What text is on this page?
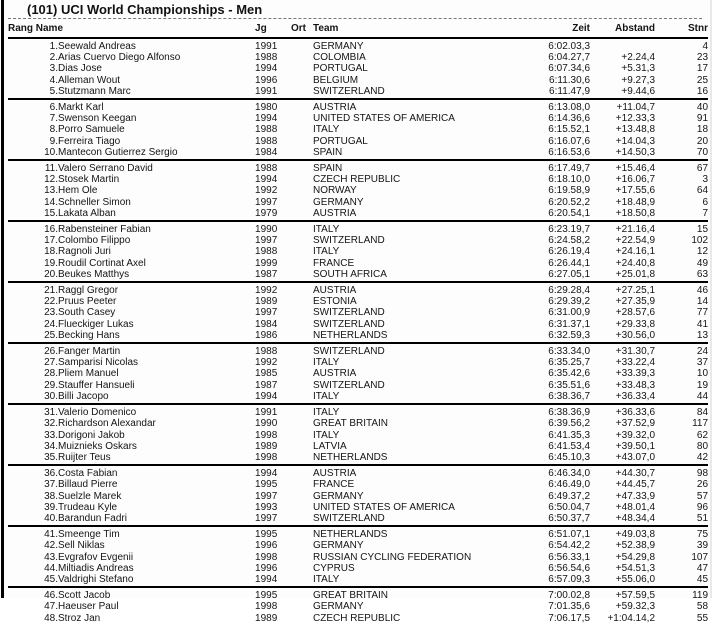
(101) UCI World Championships - Men
Rang Name		Jg	Ort	Team	Zeit	Abstand	Stnr
1.	Seewald Andreas	1991		GERMANY	6:02.03,3		4
2.	Arias Cuervo Diego Alfonso	1988		COLOMBIA	6:04.27,7	+2.24,4	23
3.	Dias Jose	1994		PORTUGAL	6:07.34,6	+5.31,3	17
4.	Alleman Wout	1996		BELGIUM	6:11.30,6	+9.27,3	25
5.	Stutzmann Marc	1991		SWITZERLAND	6:11.47,9	+9.44,6	16
6.	Markt Karl	1980		AUSTRIA	6:13.08,0	+11.04,7	40
7.	Swenson Keegan	1994		UNITED STATES OF AMERICA	6:14.36,6	+12.33,3	91
8.	Porro Samuele	1988		ITALY	6:15.52,1	+13.48,8	18
9.	Ferreira Tiago	1988		PORTUGAL	6:16.07,6	+14.04,3	20
10.	Mantecon Gutierrez Sergio	1984		SPAIN	6:16.53,6	+14.50,3	70
11.	Valero Serrano David	1988		SPAIN	6:17.49,7	+15.46,4	67
12.	Stosek Martin	1994		CZECH REPUBLIC	6:18.10,0	+16.06,7	3
13.	Hem Ole	1992		NORWAY	6:19.58,9	+17.55,6	64
14.	Schneller Simon	1997		GERMANY	6:20.52,2	+18.48,9	6
15.	Lakata Alban	1979		AUSTRIA	6:20.54,1	+18.50,8	7
16.	Rabensteiner Fabian	1990		ITALY	6:23.19,7	+21.16,4	15
17.	Colombo Filippo	1997		SWITZERLAND	6:24.58,2	+22.54,9	102
18.	Ragnoli Juri	1988		ITALY	6:26.19,4	+24.16,1	12
19.	Roudil Cortinat Axel	1999		FRANCE	6:26.44,1	+24.40,8	49
20.	Beukes Matthys	1987		SOUTH AFRICA	6:27.05,1	+25.01,8	63
21.	Raggl Gregor	1992		AUSTRIA	6:29.28,4	+27.25,1	46
22.	Pruus Peeter	1989		ESTONIA	6:29.39,2	+27.35,9	14
23.	South Casey	1997		SWITZERLAND	6:31.00,9	+28.57,6	77
24.	Flueckiger Lukas	1984		SWITZERLAND	6:31.37,1	+29.33,8	41
25.	Becking Hans	1986		NETHERLANDS	6:32.59,3	+30.56,0	13
26.	Fanger Martin	1988		SWITZERLAND	6:33.34,0	+31.30,7	24
27.	Samparisi Nicolas	1992		ITALY	6:35.25,7	+33.22,4	37
28.	Pliem Manuel	1985		AUSTRIA	6:35.42,6	+33.39,3	10
29.	Stauffer Hansueli	1987		SWITZERLAND	6:35.51,6	+33.48,3	19
30.	Billi Jacopo	1994		ITALY	6:38.36,7	+36.33,4	44
31.	Valerio Domenico	1991		ITALY	6:38.36,9	+36.33,6	84
32.	Richardson Alexandar	1990		GREAT BRITAIN	6:39.56,2	+37.52,9	117
33.	Dorigoni Jakob	1998		ITALY	6:41.35,3	+39.32,0	62
34.	Muiznieks Oskars	1989		LATVIA	6:41.53,4	+39.50,1	80
35.	Ruijter Teus	1998		NETHERLANDS	6:45.10,3	+43.07,0	42
36.	Costa Fabian	1994		AUSTRIA	6:46.34,0	+44.30,7	98
37.	Billaud Pierre	1995		FRANCE	6:46.49,0	+44.45,7	26
38.	Suelzle Marek	1997		GERMANY	6:49.37,2	+47.33,9	57
39.	Trudeau Kyle	1993		UNITED STATES OF AMERICA	6:50.04,7	+48.01,4	96
40.	Barandun Fadri	1997		SWITZERLAND	6:50.37,7	+48.34,4	51
41.	Smeenge Tim	1995		NETHERLANDS	6:51.07,1	+49.03,8	75
42.	Sell Niklas	1996		GERMANY	6:54.42,2	+52.38,9	39
43.	Evgrafov Evgenii	1998		RUSSIAN CYCLING FEDERATION	6:56.33,1	+54.29,8	107
44.	Miltiadis Andreas	1996		CYPRUS	6:56.54,6	+54.51,3	47
45.	Valdrighi Stefano	1994		ITALY	6:57.09,3	+55.06,0	45
46.	Scott Jacob	1995		GREAT BRITAIN	7:00.02,8	+57.59,5	119
47.	Haeuser Paul	1998		GERMANY	7:01.35,6	+59.32,3	58
48.	Stroz Jan	1989		CZECH REPUBLIC	7:06.17,5	+1:04.14,2	55
